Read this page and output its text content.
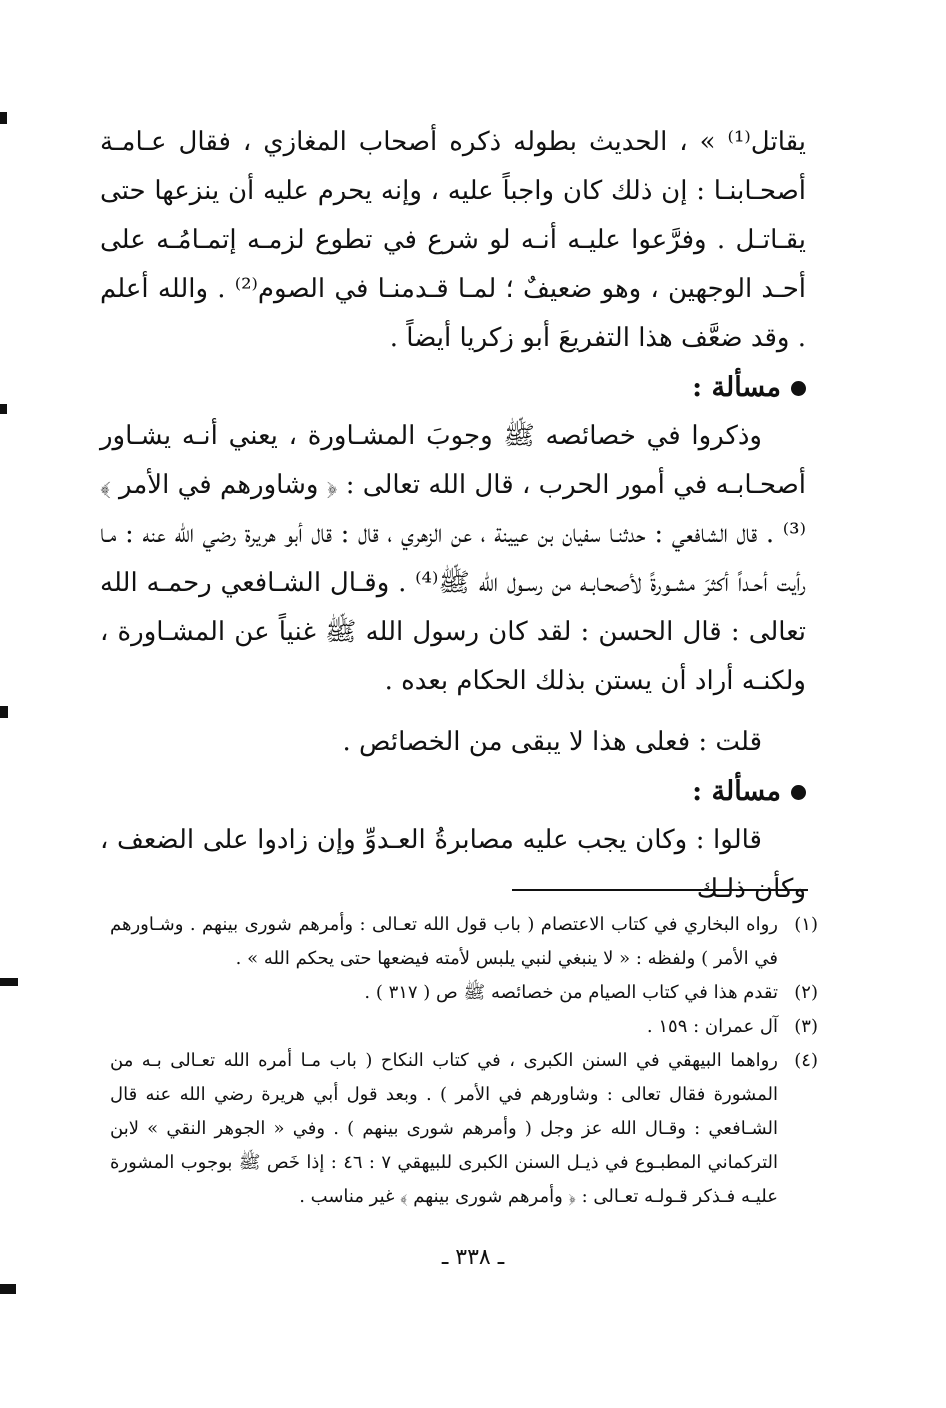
يقاتل⁽¹⁾ » ، الحديث بطوله ذكره أصحاب المغازي ، فقال عـامـة أصحـابنـا : إن ذلك كان واجباً عليه ، وإنه يحرم عليه أن ينزعها حتى يقـاتـل . وفرَّعوا عليـه أنـه لو شرع في تطوع لزمـه إتمـامُـه على أحـد الوجهين ، وهو ضعيفٌ ؛ لمـا قـدمنـا في الصوم⁽²⁾ . والله أعلم . وقد ضعَّف هذا التفريعَ أبو زكريا أيضاً .

مسألة :

وذكروا في خصائصه ﷺ وجوبَ المشـاورة ، يعني أنـه يشـاور أصحـابـه في أمور الحرب ، قال الله تعالى : ﴿ وشاورهم في الأمر ﴾⁽³⁾ . قال الشافعي : حدثنـا سفيان بن عيينة ، عن الزهري ، قال : قال أبو هريرة رضي الله عنه : مـا رأيت أحـداً أكثرَ مشـورةً لأصحـابـه من رسـول الله ﷺ⁽⁴⁾ . وقـال الشـافعي رحمـه الله تعالى : قال الحسن : لقد كان رسول الله ﷺ غنياً عن المشـاورة ، ولكنـه أراد أن يستن بذلك الحكام بعده .

قلت : فعلى هذا لا يبقى من الخصائص .

مسألة :

قالوا : وكان يجب عليه مصابرةُ العـدوِّ وإن زادوا على الضعف ، وكأن ذلـك

(١)
رواه البخاري في كتاب الاعتصام ( باب قول الله تعـالى : وأمرهم شورى بينهم . وشـاورهم في الأمر ) ولفظه : « لا ينبغي لنبي يلبس لأمته فيضعها حتى يحكم الله » .
(٢)
تقدم هذا في كتاب الصيام من خصائصه ﷺ ص ( ٣١٧ ) .
(٣)
آل عمران : ١٥٩ .
(٤)
رواهما البيهقي في السنن الكبرى ، في كتاب النكاح ( باب مـا أمره الله تعـالى بـه من المشورة فقال تعالى : وشاورهم في الأمر ) . وبعد قول أبي هريرة رضي الله عنه قال الشـافعي : وقـال الله عز وجل ( وأمرهم شورى بينهم ) . وفي « الجوهر النقي » لابن التركماني المطبـوع في ذيـل السنن الكبرى للبيهقي ٧ : ٤٦ : إذا خَص ﷺ بوجوب المشورة عليـه فـذكر قـولـه تعـالى : ﴿ وأمرهم شورى بينهم ﴾ غير مناسب .
ـ ٣٣٨ ـ
